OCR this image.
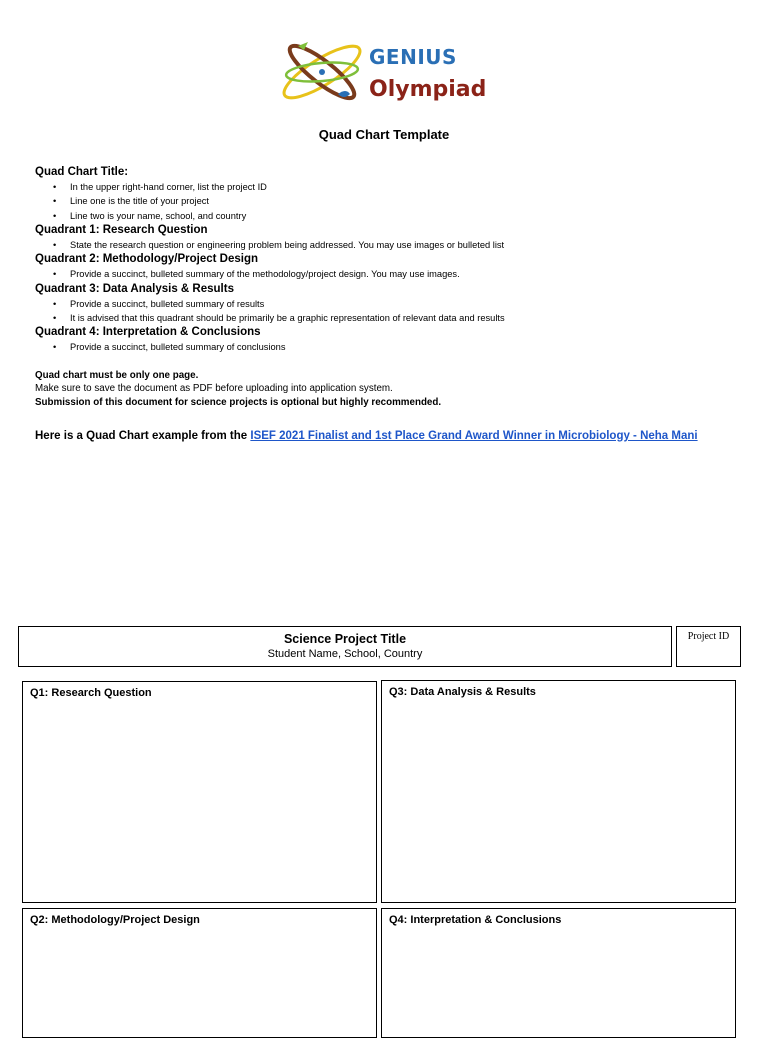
GENIUS
Olympiad
Quad Chart Template
Quad Chart Title:
• In the upper right-hand corner, list the project ID
• Line one is the title of your project
• Line two is your name, school, and country
Quadrant 1: Research Question
• State the research question or engineering problem being addressed. You may use images or bulleted list
Quadrant 2: Methodology/Project Design
• Provide a succinct, bulleted summary of the methodology/project design. You may use images.
Quadrant 3: Data Analysis & Results
• Provide a succinct, bulleted summary of results
• It is advised that this quadrant should be primarily be a graphic representation of relevant data and results
Quadrant 4: Interpretation & Conclusions
• Provide a succinct, bulleted summary of conclusions
Quad chart must be only one page.
Make sure to save the document as PDF before uploading into application system.
Submission of this document for science projects is optional but highly recommended.
Here is a Quad Chart example from the ISEF 2021 Finalist and 1st Place Grand Award Winner in Microbiology - Neha Mani
Science Project Title
Student Name, School, Country
Project ID
Q1: Research Question	Q3: Data Analysis & Results
Q2: Methodology/Project Design	Q4: Interpretation & Conclusions
